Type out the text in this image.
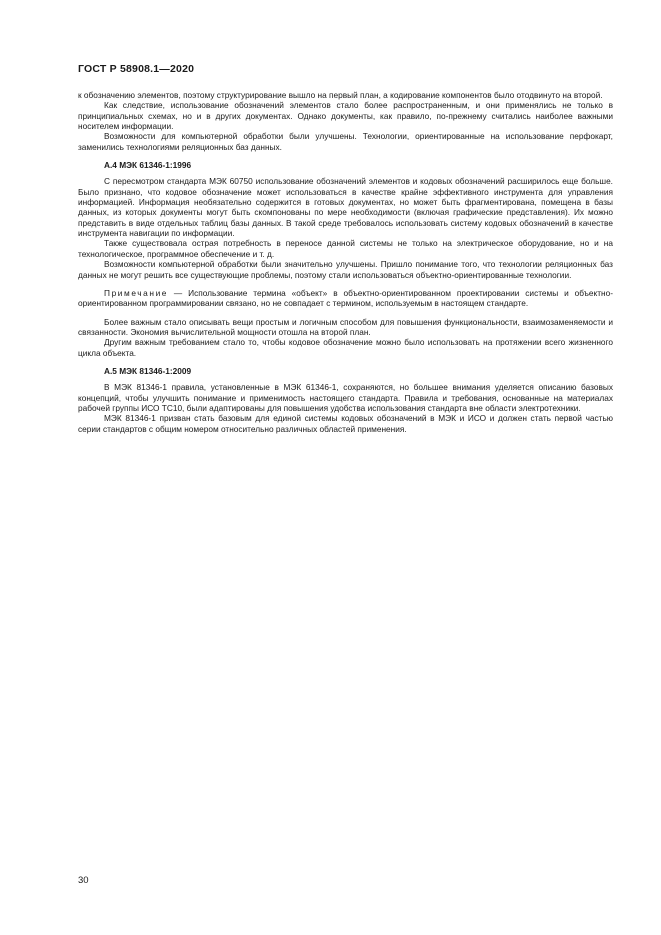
ГОСТ Р 58908.1—2020

к обозначению элементов, поэтому структурирование вышло на первый план, а кодирование компонентов было отодвинуто на второй.

Как следствие, использование обозначений элементов стало более распространенным, и они применялись не только в принципиальных схемах, но и в других документах. Однако документы, как правило, по-прежнему считались наиболее важными носителем информации.

Возможности для компьютерной обработки были улучшены. Технологии, ориентированные на использование перфокарт, заменились технологиями реляционных баз данных.

А.4 МЭК 61346-1:1996

С пересмотром стандарта МЭК 60750 использование обозначений элементов и кодовых обозначений расширилось еще больше. Было признано, что кодовое обозначение может использоваться в качестве крайне эффективного инструмента для управления информацией. Информация необязательно содержится в готовых документах, но может быть фрагментирована, помещена в базы данных, из которых документы могут быть скомпонованы по мере необходимости (включая графические представления). Их можно представить в виде отдельных таблиц базы данных. В такой среде требовалось использовать систему кодовых обозначений в качестве инструмента навигации по информации.

Также существовала острая потребность в переносе данной системы не только на электрическое оборудование, но и на технологическое, программное обеспечение и т. д.

Возможности компьютерной обработки были значительно улучшены. Пришло понимание того, что технологии реляционных баз данных не могут решить все существующие проблемы, поэтому стали использоваться объектно-ориентированные технологии.

Примечание — Использование термина «объект» в объектно-ориентированном проектировании системы и объектно-ориентированном программировании связано, но не совпадает с термином, используемым в настоящем стандарте.

Более важным стало описывать вещи простым и логичным способом для повышения функциональности, взаимозаменяемости и связанности. Экономия вычислительной мощности отошла на второй план.

Другим важным требованием стало то, чтобы кодовое обозначение можно было использовать на протяжении всего жизненного цикла объекта.

А.5 МЭК 81346-1:2009

В МЭК 81346-1 правила, установленные в МЭК 61346-1, сохраняются, но большее внимания уделяется описанию базовых концепций, чтобы улучшить понимание и применимость настоящего стандарта. Правила и требования, основанные на материалах рабочей группы ИСО ТС10, были адаптированы для повышения удобства использования стандарта вне области электротехники.

МЭК 81346-1 призван стать базовым для единой системы кодовых обозначений в МЭК и ИСО и должен стать первой частью серии стандартов с общим номером относительно различных областей применения.

30
